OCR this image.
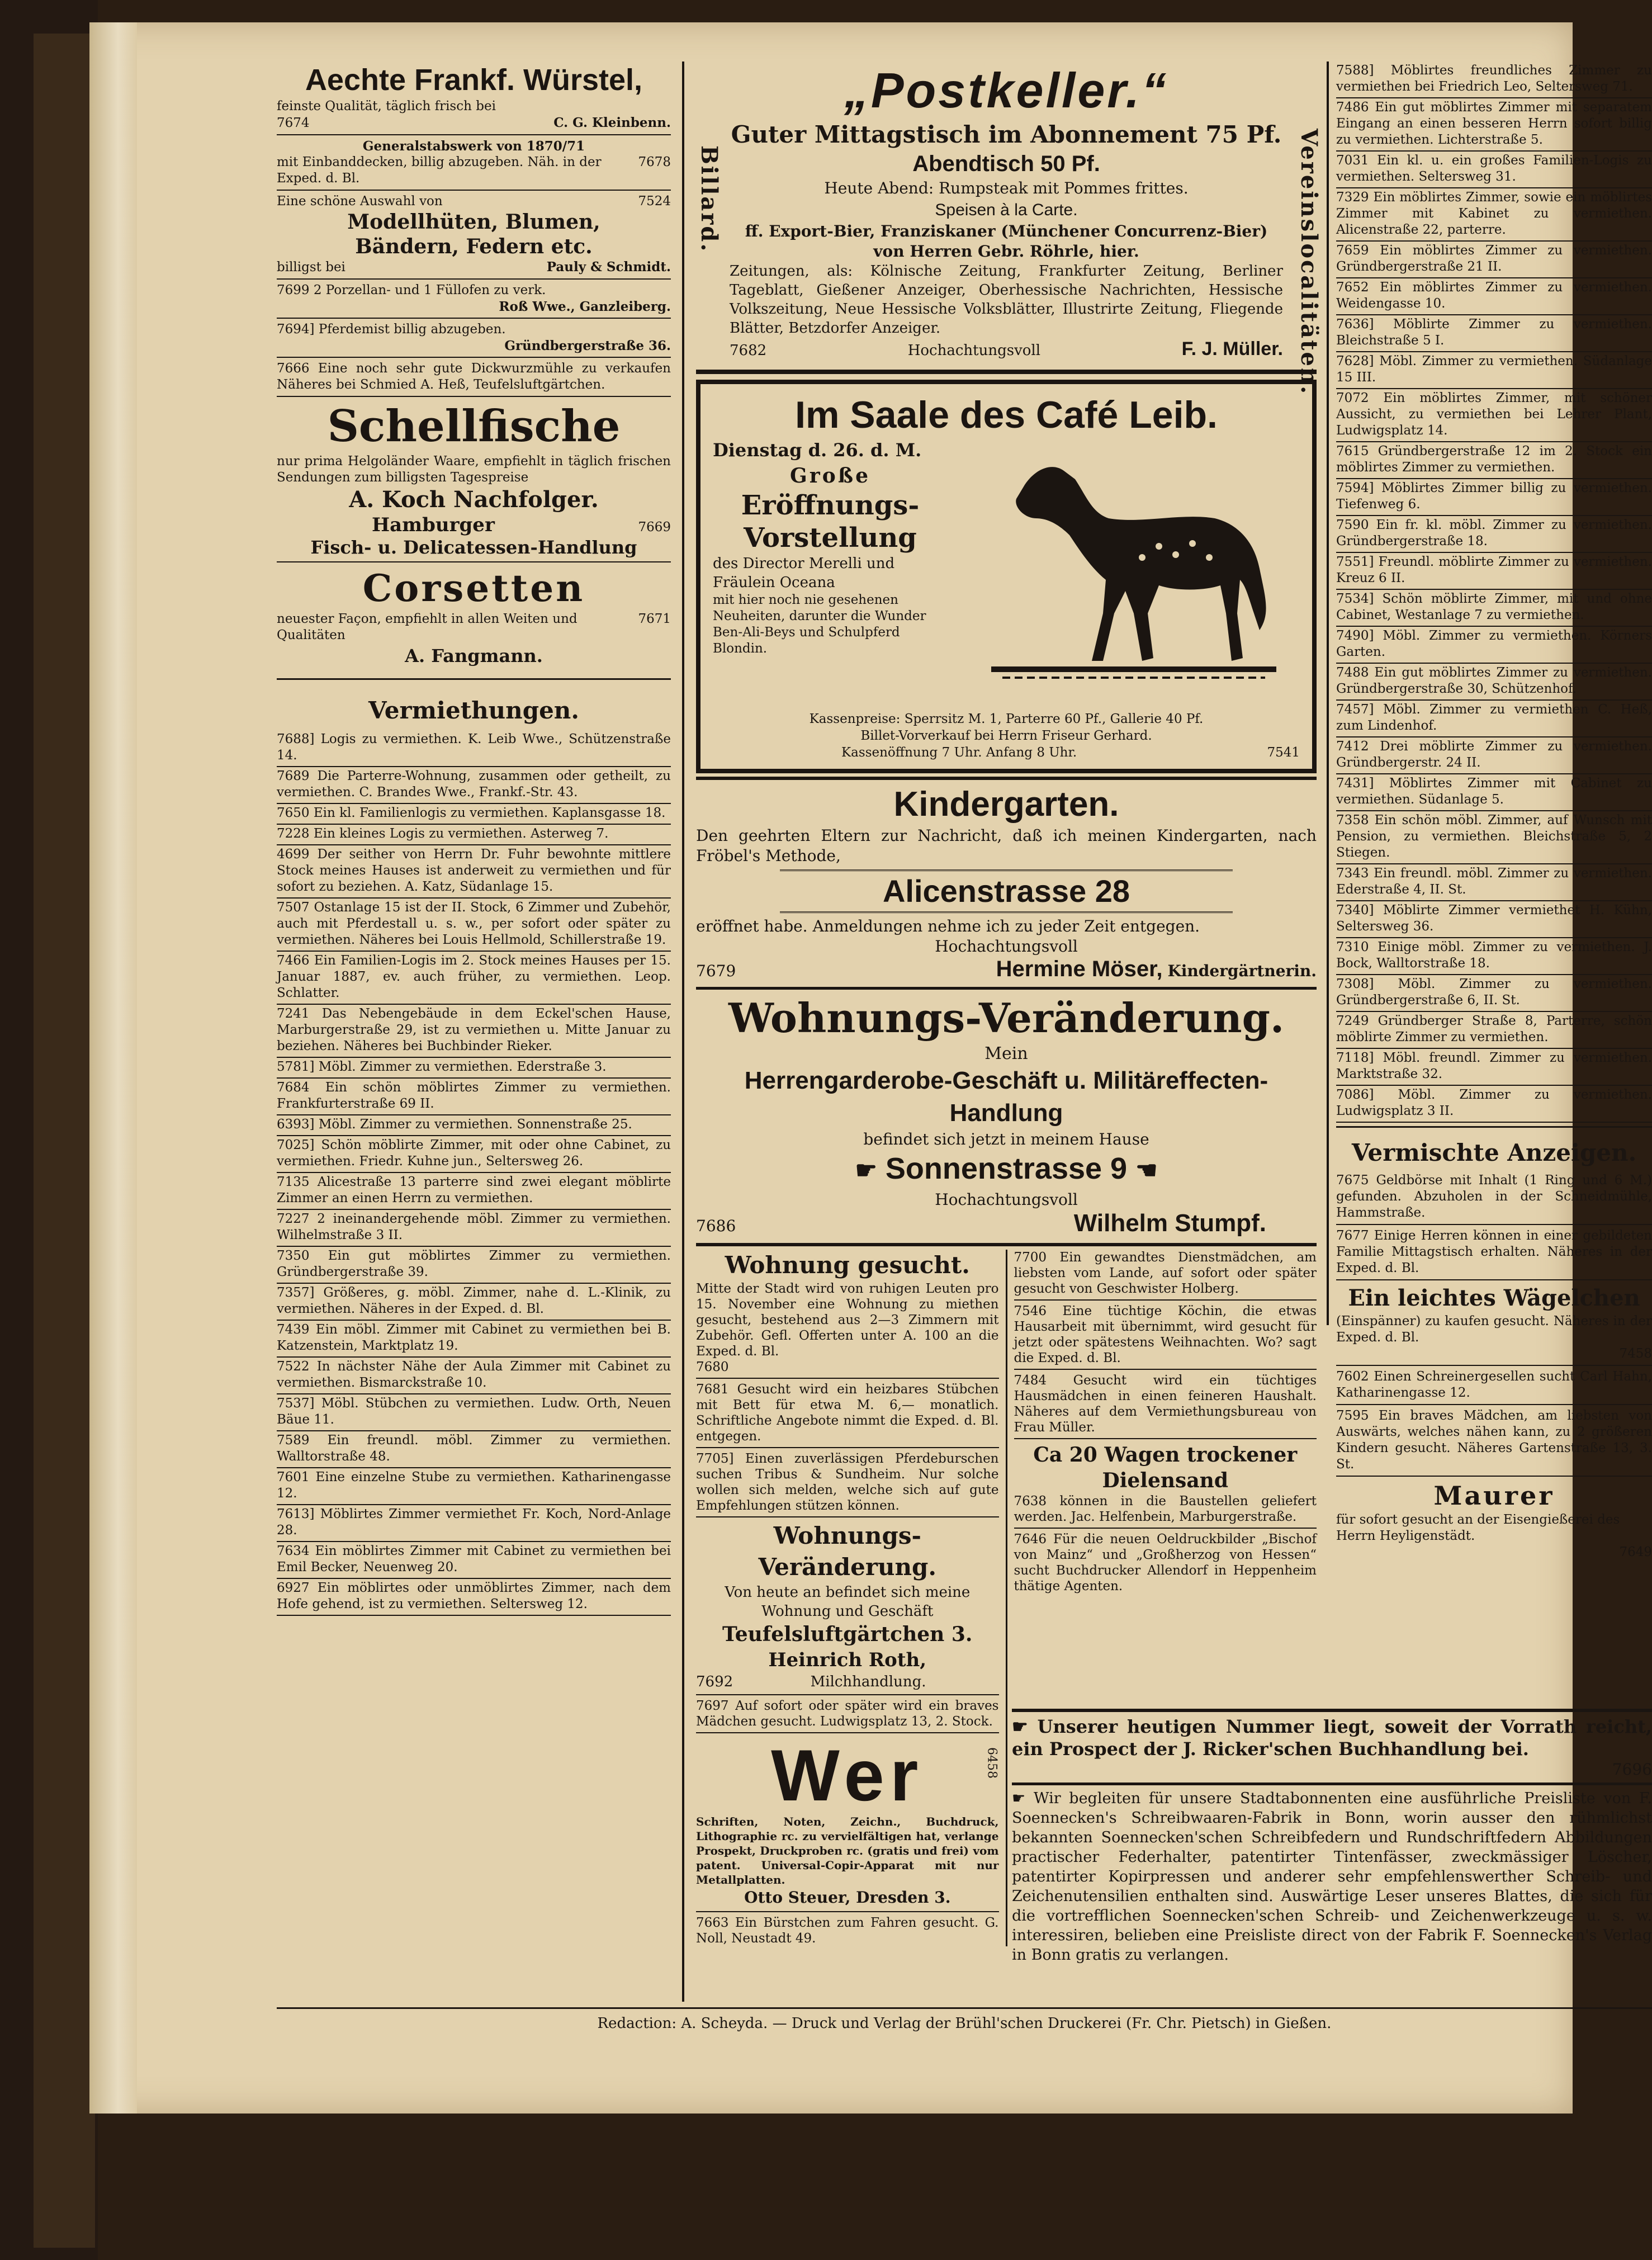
Aechte Frankf. Würstel,
feinste Qualität, täglich frisch bei
7674	C. G. Kleinbenn.
Generalstabswerk von 1870/71
mit Einbanddecken, billig abzugeben. Näh. in der Exped. d. Bl.
7678
Eine schöne Auswahl von	7524
Modellhüten, Blumen,
Bändern, Federn etc.
billigst bei	Pauly & Schmidt.
7699 2 Porzellan- und 1 Füllofen zu verk.
Roß Wwe., Ganzleiberg.
7694] Pferdemist billig abzugeben.
Gründbergerstraße 36.
7666 Eine noch sehr gute Dickwurzmühle zu verkaufen Näheres bei Schmied A. Heß, Teufelsluftgärtchen.
Schellfische
nur prima Helgoländer Waare, empfiehlt in täglich frischen Sendungen zum billigsten Tagespreise
A. Koch Nachfolger.
Hamburger	7669
Fisch- u. Delicatessen-Handlung
Corsetten
neuester Façon, empfiehlt in allen Weiten und Qualitäten
7671
A. Fangmann.
Vermiethungen.
7688] Logis zu vermiethen. K. Leib Wwe., Schützenstraße 14.
7689 Die Parterre-Wohnung, zusammen oder getheilt, zu vermiethen. C. Brandes Wwe., Frankf.-Str. 43.
7650 Ein kl. Familienlogis zu vermiethen. Kaplansgasse 18.
7228 Ein kleines Logis zu vermiethen. Asterweg 7.
4699 Der seither von Herrn Dr. Fuhr bewohnte mittlere Stock meines Hauses ist anderweit zu vermiethen und für sofort zu beziehen. A. Katz, Südanlage 15.
7507 Ostanlage 15 ist der II. Stock, 6 Zimmer und Zubehör, auch mit Pferdestall u. s. w., per sofort oder später zu vermiethen. Näheres bei Louis Hellmold, Schillerstraße 19.
7466 Ein Familien-Logis im 2. Stock meines Hauses per 15. Januar 1887, ev. auch früher, zu vermiethen. Leop. Schlatter.
7241 Das Nebengebäude in dem Eckel'schen Hause, Marburgerstraße 29, ist zu vermiethen u. Mitte Januar zu beziehen. Näheres bei Buchbinder Rieker.
5781] Möbl. Zimmer zu vermiethen. Ederstraße 3.
7684 Ein schön möblirtes Zimmer zu vermiethen. Frankfurterstraße 69 II.
6393] Möbl. Zimmer zu vermiethen. Sonnenstraße 25.
7025] Schön möblirte Zimmer, mit oder ohne Cabinet, zu vermiethen. Friedr. Kuhne jun., Seltersweg 26.
7135 Alicestraße 13 parterre sind zwei elegant möblirte Zimmer an einen Herrn zu vermiethen.
7227 2 ineinandergehende möbl. Zimmer zu vermiethen. Wilhelmstraße 3 II.
7350 Ein gut möblirtes Zimmer zu vermiethen. Gründbergerstraße 39.
7357] Größeres, g. möbl. Zimmer, nahe d. L.-Klinik, zu vermiethen. Näheres in der Exped. d. Bl.
7439 Ein möbl. Zimmer mit Cabinet zu vermiethen bei B. Katzenstein, Marktplatz 19.
7522 In nächster Nähe der Aula Zimmer mit Cabinet zu vermiethen. Bismarckstraße 10.
7537] Möbl. Stübchen zu vermiethen. Ludw. Orth, Neuen Bäue 11.
7589 Ein freundl. möbl. Zimmer zu vermiethen. Walltorstraße 48.
7601 Eine einzelne Stube zu vermiethen. Katharinengasse 12.
7613] Möblirtes Zimmer vermiethet Fr. Koch, Nord-Anlage 28.
7634 Ein möblirtes Zimmer mit Cabinet zu vermiethen bei Emil Becker, Neuenweg 20.
6927 Ein möblirtes oder unmöblirtes Zimmer, nach dem Hofe gehend, ist zu vermiethen. Seltersweg 12.
Billard.	Vereinslocalitäten.
„Postkeller.“
Guter Mittagstisch im Abonnement 75 Pf.
Abendtisch 50 Pf.
Heute Abend: Rumpsteak mit Pommes frittes.
Speisen à la Carte.
ff. Export-Bier, Franziskaner (Münchener Concurrenz-Bier) von Herren Gebr. Röhrle, hier.
Zeitungen, als: Kölnische Zeitung, Frankfurter Zeitung, Berliner Tageblatt, Gießener Anzeiger, Oberhessische Nachrichten, Hessische Volkszeitung, Neue Hessische Volksblätter, Illustrirte Zeitung, Fliegende Blätter, Betzdorfer Anzeiger.
7682	Hochachtungsvoll	F. J. Müller.
Im Saale des Café Leib.
Dienstag d. 26. d. M.
Große
Eröffnungs-
Vorstellung
des Director Merelli und Fräulein Oceana
mit hier noch nie gesehenen Neuheiten, darunter die Wunder Ben-Ali-Beys und Schulpferd Blondin.
Kassenpreise: Sperrsitz M. 1, Parterre 60 Pf., Gallerie 40 Pf.
Billet-Vorverkauf bei Herrn Friseur Gerhard.
Kassenöffnung 7 Uhr. Anfang 8 Uhr.	7541
Kindergarten.
Den geehrten Eltern zur Nachricht, daß ich meinen Kindergarten, nach Fröbel's Methode,
Alicenstrasse 28
eröffnet habe. Anmeldungen nehme ich zu jeder Zeit entgegen.
Hochachtungsvoll
7679	Hermine Möser, Kindergärtnerin.
Wohnungs-Veränderung.
Mein
Herrengarderobe-Geschäft u. Militäreffecten-Handlung
befindet sich jetzt in meinem Hause
☛ Sonnenstrasse 9 ☚
Hochachtungsvoll
7686	Wilhelm Stumpf.
Wohnung gesucht.
Mitte der Stadt wird von ruhigen Leuten pro 15. November eine Wohnung zu miethen gesucht, bestehend aus 2—3 Zimmern mit Zubehör. Gefl. Offerten unter A. 100 an die Exped. d. Bl.
7680
7681 Gesucht wird ein heizbares Stübchen mit Bett für etwa M. 6,— monatlich. Schriftliche Angebote nimmt die Exped. d. Bl. entgegen.
7705] Einen zuverlässigen Pferdeburschen suchen Tribus & Sundheim. Nur solche wollen sich melden, welche sich auf gute Empfehlungen stützen können.
Wohnungs-Veränderung.
Von heute an befindet sich meine Wohnung und Geschäft
Teufelsluftgärtchen 3.
Heinrich Roth,
7692	Milchhandlung.
7697 Auf sofort oder später wird ein braves Mädchen gesucht. Ludwigsplatz 13, 2. Stock.
Wer	6458
Schriften, Noten, Zeichn., Buchdruck, Lithographie rc. zu vervielfältigen hat, verlange Prospekt, Druckproben rc. (gratis und frei) vom patent. Universal-Copir-Apparat mit nur Metallplatten.
Otto Steuer, Dresden 3.
7663 Ein Bürstchen zum Fahren gesucht. G. Noll, Neustadt 49.
7700 Ein gewandtes Dienstmädchen, am liebsten vom Lande, auf sofort oder später gesucht von Geschwister Holberg.
7546 Eine tüchtige Köchin, die etwas Hausarbeit mit übernimmt, wird gesucht für jetzt oder spätestens Weihnachten. Wo? sagt die Exped. d. Bl.
7484 Gesucht wird ein tüchtiges Hausmädchen in einen feineren Haushalt. Näheres auf dem Vermiethungsbureau von Frau Müller.
Ca 20 Wagen trockener Dielensand
7638 können in die Baustellen geliefert werden. Jac. Helfenbein, Marburgerstraße.
7646 Für die neuen Oeldruckbilder „Bischof von Mainz“ und „Großherzog von Hessen“ sucht Buchdrucker Allendorf in Heppenheim thätige Agenten.
7588] Möblirtes freundliches Zimmer zu vermiethen bei Friedrich Leo, Seltersweg 71.
7486 Ein gut möblirtes Zimmer mit separatem Eingang an einen besseren Herrn sofort billig zu vermiethen. Lichterstraße 5.
7031 Ein kl. u. ein großes Familien-Logis zu vermiethen. Seltersweg 31.
7329 Ein möblirtes Zimmer, sowie ein möblirtes Zimmer mit Kabinet zu vermiethen. Alicenstraße 22, parterre.
7659 Ein möblirtes Zimmer zu vermiethen. Gründbergerstraße 21 II.
7652 Ein möblirtes Zimmer zu vermiethen. Weidengasse 10.
7636] Möblirte Zimmer zu vermiethen. Bleichstraße 5 I.
7628] Möbl. Zimmer zu vermiethen. Südanlage 15 III.
7072 Ein möblirtes Zimmer, mit schöner Aussicht, zu vermiethen bei Lehrer Plant, Ludwigsplatz 14.
7615 Gründbergerstraße 12 im 2. Stock ein möblirtes Zimmer zu vermiethen.
7594] Möblirtes Zimmer billig zu vermiethen. Tiefenweg 6.
7590 Ein fr. kl. möbl. Zimmer zu vermiethen. Gründbergerstraße 18.
7551] Freundl. möblirte Zimmer zu vermiethen. Kreuz 6 II.
7534] Schön möblirte Zimmer, mit und ohne Cabinet, Westanlage 7 zu vermiethen.
7490] Möbl. Zimmer zu vermiethen. Körners Garten.
7488 Ein gut möblirtes Zimmer zu vermiethen. Gründbergerstraße 30, Schützenhof.
7457] Möbl. Zimmer zu vermiethen C. Heß, zum Lindenhof.
7412 Drei möblirte Zimmer zu vermiethen. Gründbergerstr. 24 II.
7431] Möblirtes Zimmer mit Cabinet zu vermiethen. Südanlage 5.
7358 Ein schön möbl. Zimmer, auf Wunsch mit Pension, zu vermiethen. Bleichstraße 5, 2 Stiegen.
7343 Ein freundl. möbl. Zimmer zu vermiethen. Ederstraße 4, II. St.
7340] Möblirte Zimmer vermiethet H. Kühn, Seltersweg 36.
7310 Einige möbl. Zimmer zu vermiethen. J. Bock, Walltorstraße 18.
7308] Möbl. Zimmer zu vermiethen. Gründbergerstraße 6, II. St.
7249 Gründberger Straße 8, Parterre, schön möblirte Zimmer zu vermiethen.
7118] Möbl. freundl. Zimmer zu vermiethen. Marktstraße 32.
7086] Möbl. Zimmer zu vermiethen. Ludwigsplatz 3 II.
Vermischte Anzeigen.
7675 Geldbörse mit Inhalt (1 Ring und 6 M.) gefunden. Abzuholen in der Schneidmühle, Hammstraße.
7677 Einige Herren können in einer gebildeten Familie Mittagstisch erhalten. Näheres in der Exped. d. Bl.
Ein leichtes Wägelchen
(Einspänner) zu kaufen gesucht. Näheres in der Exped. d. Bl.
7458
7602 Einen Schreinergesellen sucht Carl Hahn, Katharinengasse 12.
7595 Ein braves Mädchen, am liebsten von Auswärts, welches nähen kann, zu 2 größeren Kindern gesucht. Näheres Gartenstraße 13, 3. St.
Maurer
für sofort gesucht an der Eisengießerei des Herrn Heyligenstädt.
7649
☛ Unserer heutigen Nummer liegt, soweit der Vorrath reicht, ein Prospect der J. Ricker'schen Buchhandlung bei.
7696
☛ Wir begleiten für unsere Stadtabonnenten eine ausführliche Preisliste von F. Soennecken's Schreibwaaren-Fabrik in Bonn, worin ausser den rühmlichst bekannten Soennecken'schen Schreibfedern und Rundschriftfedern Abbildungen practischer Federhalter, patentirter Tintenfässer, zweckmässiger Löscher, patentirter Kopirpressen und anderer sehr empfehlenswerther Schreib- und Zeichenutensilien enthalten sind. Auswärtige Leser unseres Blattes, die sich für die vortrefflichen Soennecken'schen Schreib- und Zeichenwerkzeuge u. s. w. interessiren, belieben eine Preisliste direct von der Fabrik F. Soennecken's Verlag in Bonn gratis zu verlangen.
Redaction: A. Scheyda. — Druck und Verlag der Brühl'schen Druckerei (Fr. Chr. Pietsch) in Gießen.
